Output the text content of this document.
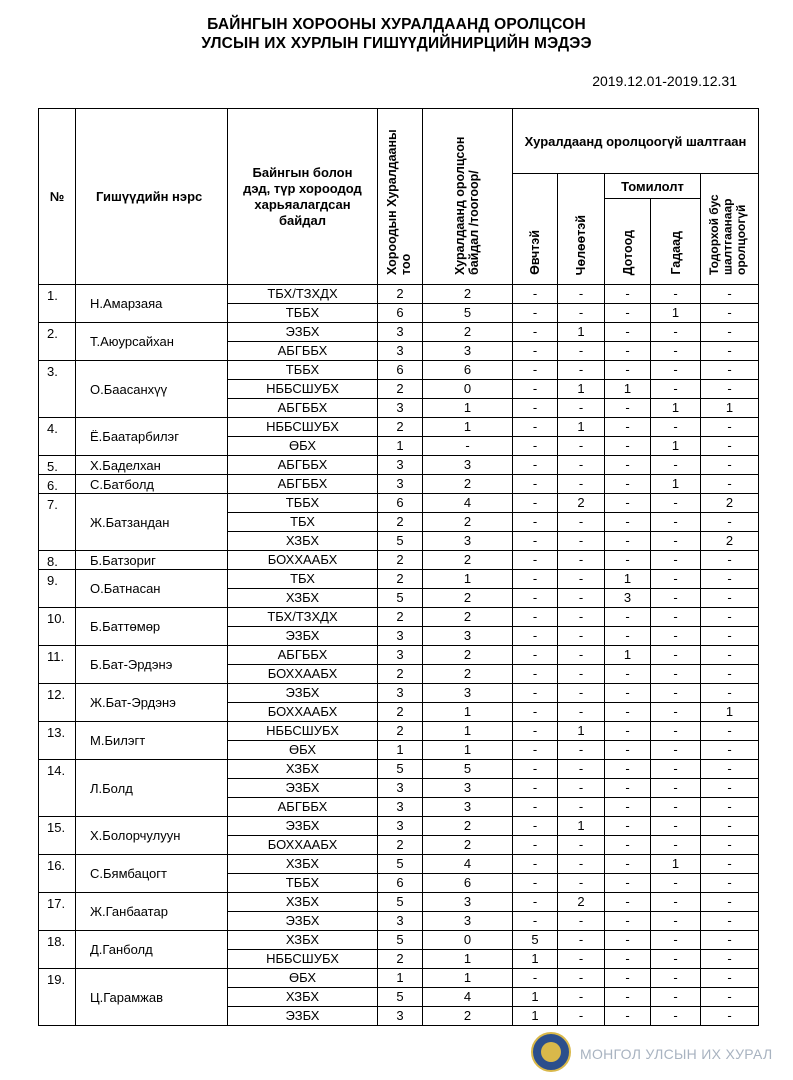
БАЙНГЫН ХОРООНЫ ХУРАЛДААНД ОРОЛЦСОН
УЛСЫН ИХ ХУРЛЫН ГИШҮҮДИЙНИРЦИЙН МЭДЭЭ
2019.12.01-2019.12.31
№	Гишүүдийн нэрс	Байнгын болон дэд, түр хороодод харьяалагдсан байдал	Хороодын Хуралдааны тоо	Хуралдаанд оролцсон байдал /тоогоор/	Хуралдаанд оролцоогүй шалтгаан				
					Өвчтэй	Чөлөөтэй	Томилолт		Тодорхой бус шалтгаанаар оролцоогүй
							Дотоод	Гадаад	
1.	Н.Амарзаяа	ТБХ/ТЗХДХ	2	2	-	-	-	-	-
		ТББХ	6	5	-	-	-	1	-
2.	Т.Аюурсайхан	ЭЗБХ	3	2	-	1	-	-	-
		АБГББХ	3	3	-	-	-	-	-
3.	О.Баасанхүү	ТББХ	6	6	-	-	-	-	-
		НББСШУБХ	2	0	-	1	1	-	-
		АБГББХ	3	1	-	-	-	1	1
4.	Ё.Баатарбилэг	НББСШУБХ	2	1	-	1	-	-	-
		ӨБХ	1	-	-	-	-	1	-
5.	Х.Баделхан	АБГББХ	3	3	-	-	-	-	-
6.	С.Батболд	АБГББХ	3	2	-	-	-	1	-
7.	Ж.Батзандан	ТББХ	6	4	-	2	-	-	2
		ТБХ	2	2	-	-	-	-	-
		ХЗБХ	5	3	-	-	-	-	2
8.	Б.Батзориг	БОХХААБХ	2	2	-	-	-	-	-
9.	О.Батнасан	ТБХ	2	1	-	-	1	-	-
		ХЗБХ	5	2	-	-	3	-	-
10.	Б.Баттөмөр	ТБХ/ТЗХДХ	2	2	-	-	-	-	-
		ЭЗБХ	3	3	-	-	-	-	-
11.	Б.Бат-Эрдэнэ	АБГББХ	3	2	-	-	1	-	-
		БОХХААБХ	2	2	-	-	-	-	-
12.	Ж.Бат-Эрдэнэ	ЭЗБХ	3	3	-	-	-	-	-
		БОХХААБХ	2	1	-	-	-	-	1
13.	М.Билэгт	НББСШУБХ	2	1	-	1	-	-	-
		ӨБХ	1	1	-	-	-	-	-
14.	Л.Болд	ХЗБХ	5	5	-	-	-	-	-
		ЭЗБХ	3	3	-	-	-	-	-
		АБГББХ	3	3	-	-	-	-	-
15.	Х.Болорчулуун	ЭЗБХ	3	2	-	1	-	-	-
		БОХХААБХ	2	2	-	-	-	-	-
16.	С.Бямбацогт	ХЗБХ	5	4	-	-	-	1	-
		ТББХ	6	6	-	-	-	-	-
17.	Ж.Ганбаатар	ХЗБХ	5	3	-	2	-	-	-
		ЭЗБХ	3	3	-	-	-	-	-
18.	Д.Ганболд	ХЗБХ	5	0	5	-	-	-	-
		НББСШУБХ	2	1	1	-	-	-	-
19.	Ц.Гарамжав	ӨБХ	1	1	-	-	-	-	-
		ХЗБХ	5	4	1	-	-	-	-
		ЭЗБХ	3	2	1	-	-	-	-
МОНГОЛ УЛСЫН ИХ ХУРАЛ
